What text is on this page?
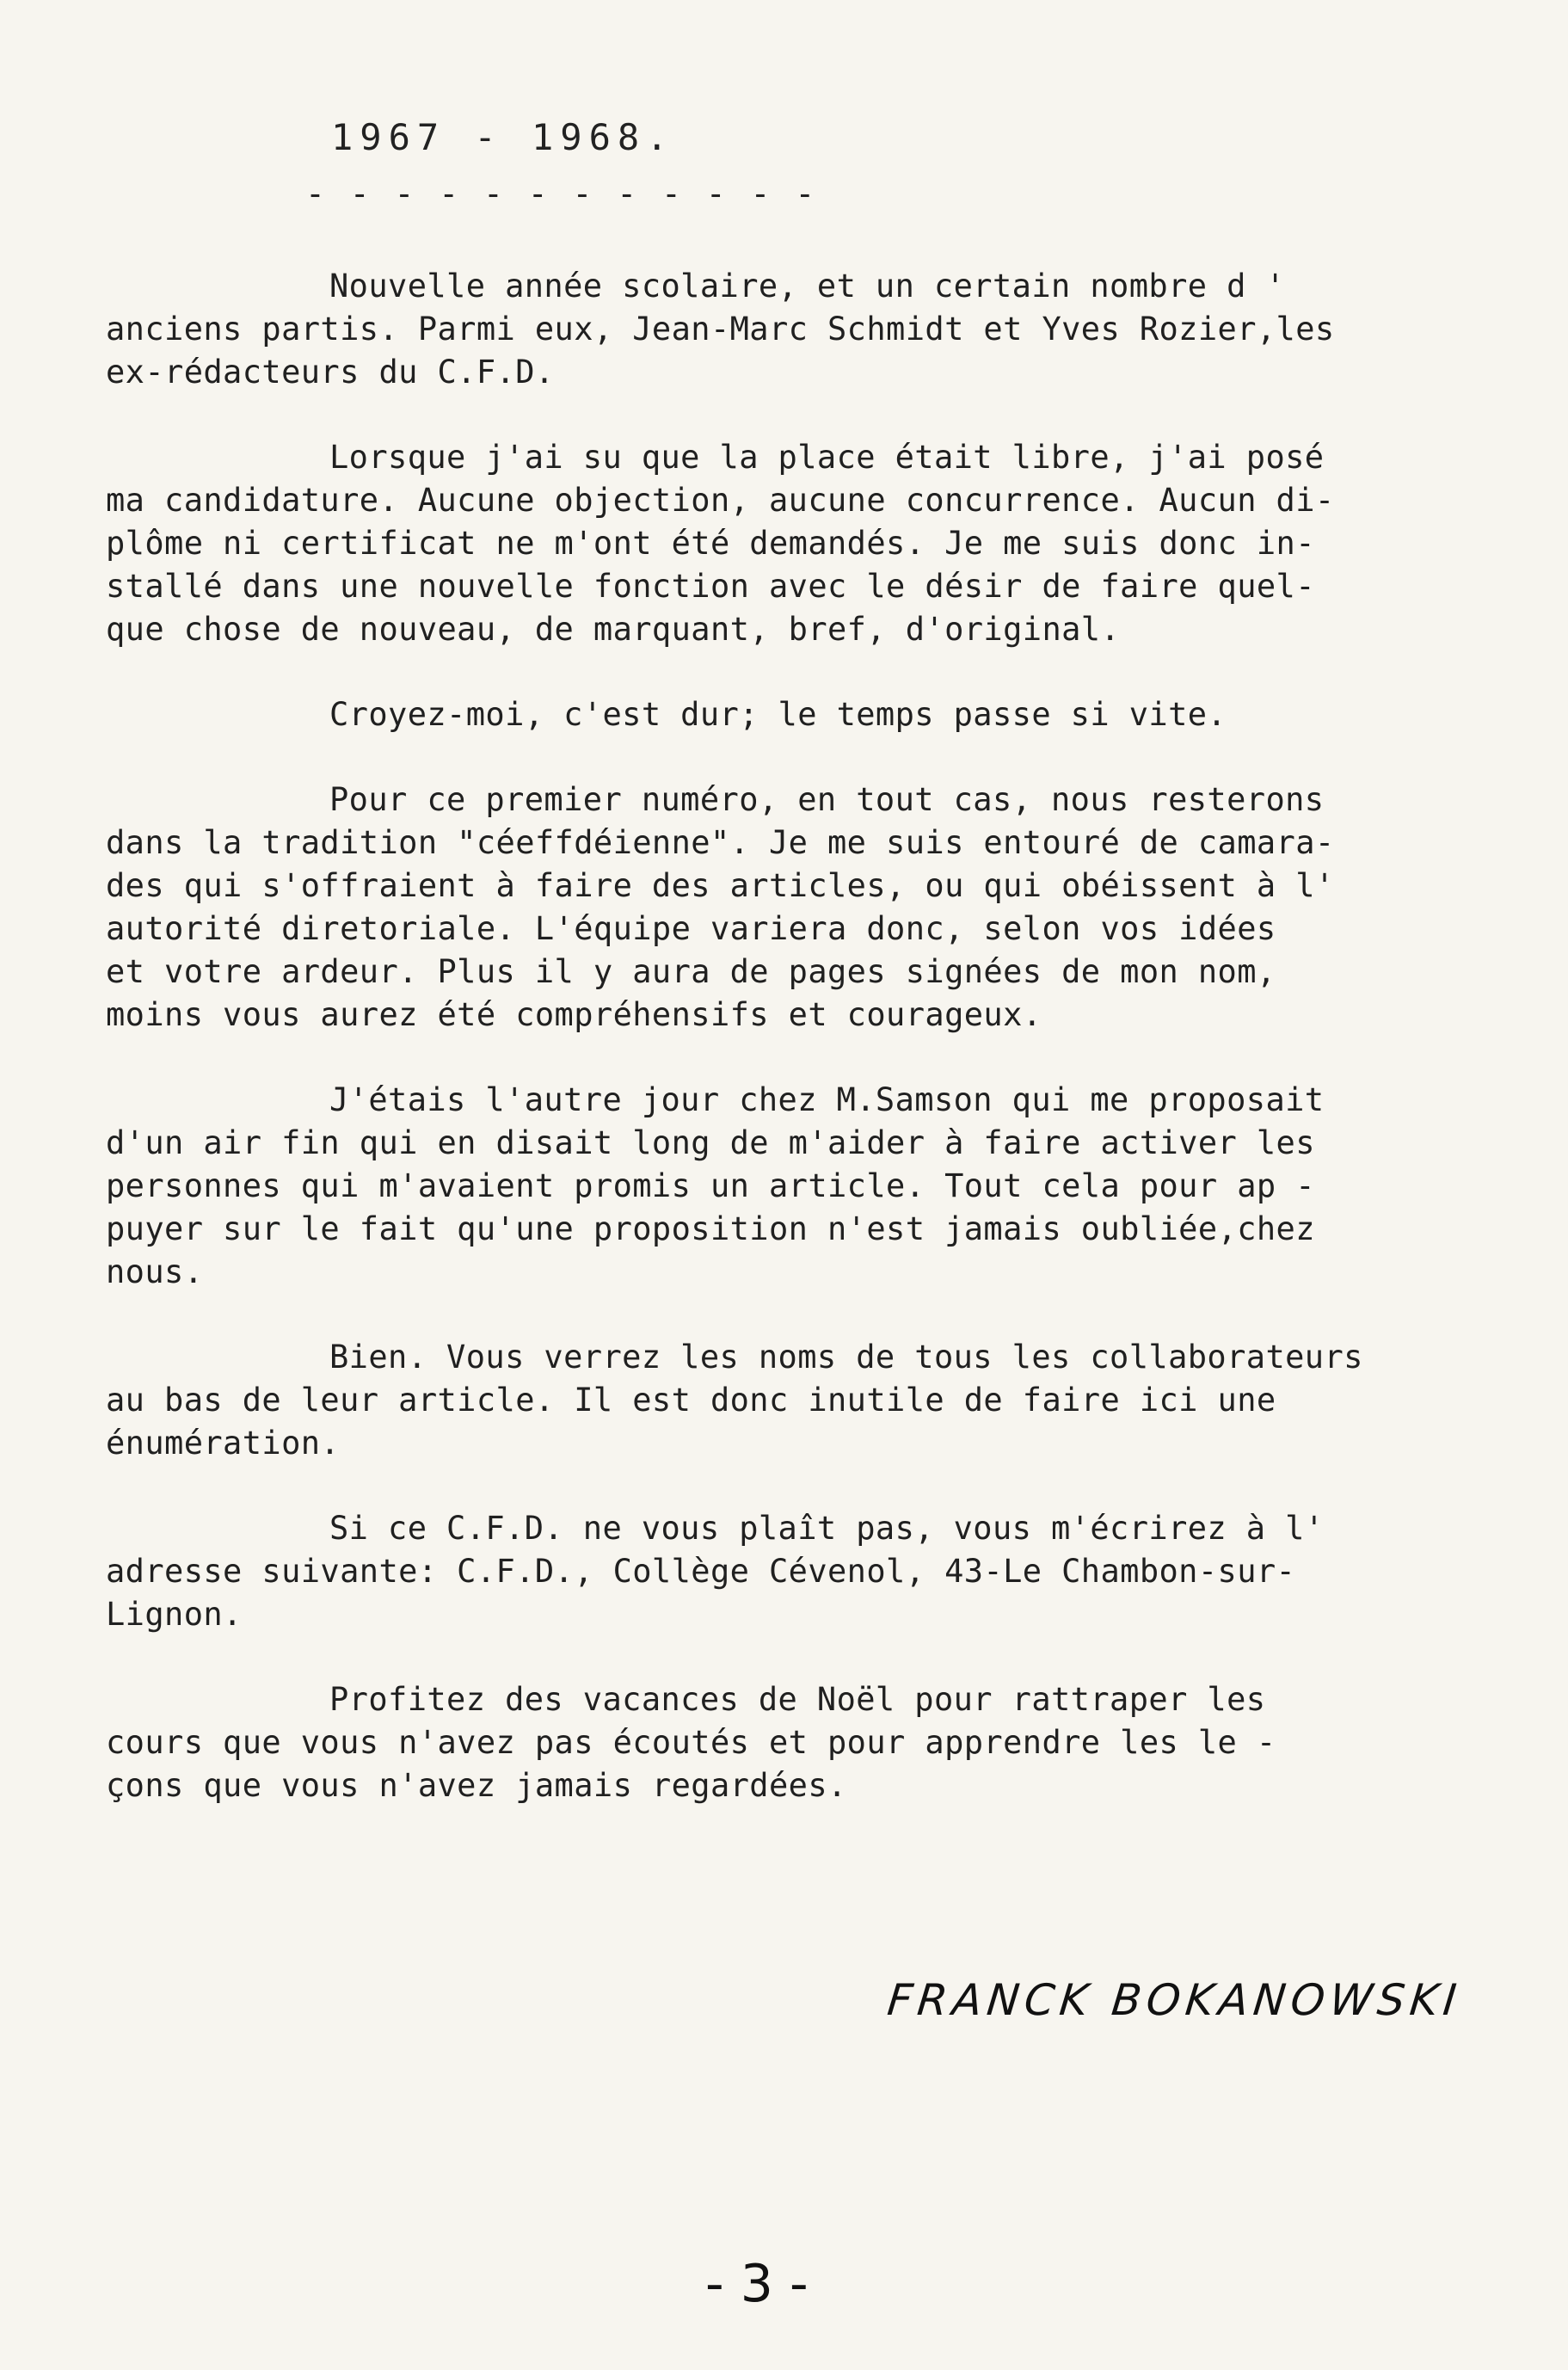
1967 - 1968.
- - - - - - - - - - - -
Nouvelle année scolaire, et un certain nombre d '
anciens partis. Parmi eux, Jean-Marc Schmidt et Yves Rozier,les
ex-rédacteurs du C.F.D.
Lorsque j'ai su que la place était libre, j'ai posé
ma candidature. Aucune objection, aucune concurrence. Aucun di-
plôme ni certificat ne m'ont été demandés. Je me suis donc in-
stallé dans une nouvelle fonction avec le désir de faire quel-
que chose de nouveau, de marquant, bref, d'original.
Croyez-moi, c'est dur; le temps passe si vite.
Pour ce premier numéro, en tout cas, nous resterons
dans la tradition "céeffdéienne". Je me suis entouré de camara-
des qui s'offraient à faire des articles, ou qui obéissent à l'
autorité diretoriale. L'équipe variera donc, selon vos idées
et votre ardeur. Plus il y aura de pages signées de mon nom,
moins vous aurez été compréhensifs et courageux.
J'étais l'autre jour chez M.Samson qui me proposait
d'un air fin qui en disait long de m'aider à faire activer les
personnes qui m'avaient promis un article. Tout cela pour ap -
puyer sur le fait qu'une proposition n'est jamais oubliée,chez
nous.
Bien. Vous verrez les noms de tous les collaborateurs
au bas de leur article. Il est donc inutile de faire ici une
énumération.
Si ce C.F.D. ne vous plaît pas, vous m'écrirez à l'
adresse suivante: C.F.D., Collège Cévenol, 43-Le Chambon-sur-
Lignon.
Profitez des vacances de Noël pour rattraper les
cours que vous n'avez pas écoutés et pour apprendre les le -
çons que vous n'avez jamais regardées.
FRANCK BOKANOWSKI
- 3 -
